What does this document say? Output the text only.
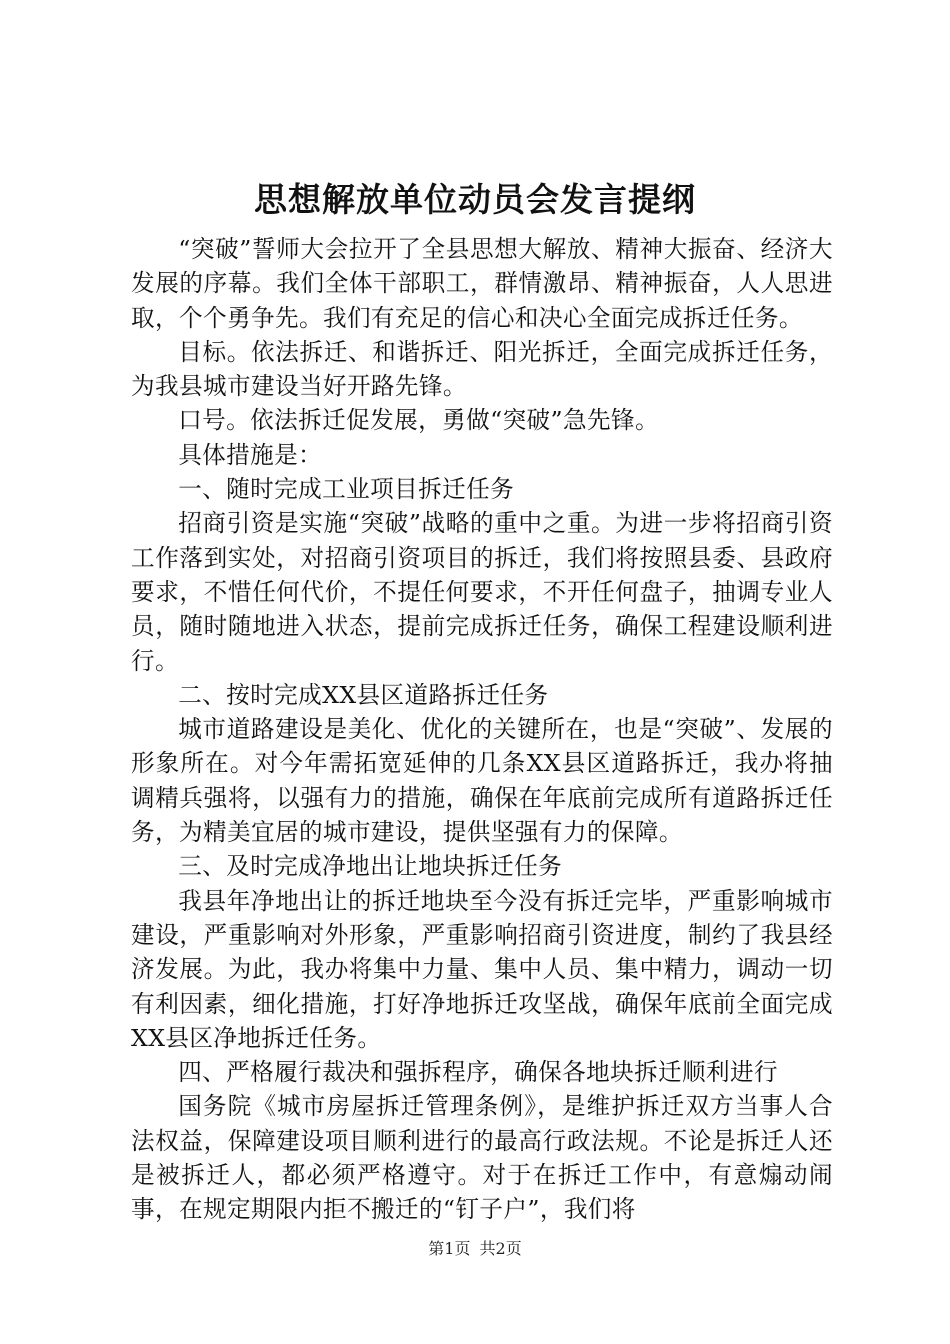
思想解放单位动员会发言提纲

“突破”誓师大会拉开了全县思想大解放、精神大振奋、经济大发展的序幕。我们全体干部职工，群情激昂、精神振奋，人人思进取，个个勇争先。我们有充足的信心和决心全面完成拆迁任务。

目标。依法拆迁、和谐拆迁、阳光拆迁，全面完成拆迁任务，为我县城市建设当好开路先锋。

口号。依法拆迁促发展，勇做“突破”急先锋。

具体措施是：

一、随时完成工业项目拆迁任务

招商引资是实施“突破”战略的重中之重。为进一步将招商引资工作落到实处，对招商引资项目的拆迁，我们将按照县委、县政府要求，不惜任何代价，不提任何要求，不开任何盘子，抽调专业人员，随时随地进入状态，提前完成拆迁任务，确保工程建设顺利进行。

二、按时完成XX县区道路拆迁任务

城市道路建设是美化、优化的关键所在，也是“突破”、发展的形象所在。对今年需拓宽延伸的几条XX县区道路拆迁，我办将抽调精兵强将，以强有力的措施，确保在年底前完成所有道路拆迁任务，为精美宜居的城市建设，提供坚强有力的保障。

三、及时完成净地出让地块拆迁任务

我县年净地出让的拆迁地块至今没有拆迁完毕，严重影响城市建设，严重影响对外形象，严重影响招商引资进度，制约了我县经济发展。为此，我办将集中力量、集中人员、集中精力，调动一切有利因素，细化措施，打好净地拆迁攻坚战，确保年底前全面完成XX县区净地拆迁任务。

四、严格履行裁决和强拆程序，确保各地块拆迁顺利进行

国务院《城市房屋拆迁管理条例》，是维护拆迁双方当事人合法权益，保障建设项目顺利进行的最高行政法规。不论是拆迁人还是被拆迁人，都必须严格遵守。对于在拆迁工作中，有意煽动闹事，在规定期限内拒不搬迁的“钉子户”，我们将

第1页 共2页
